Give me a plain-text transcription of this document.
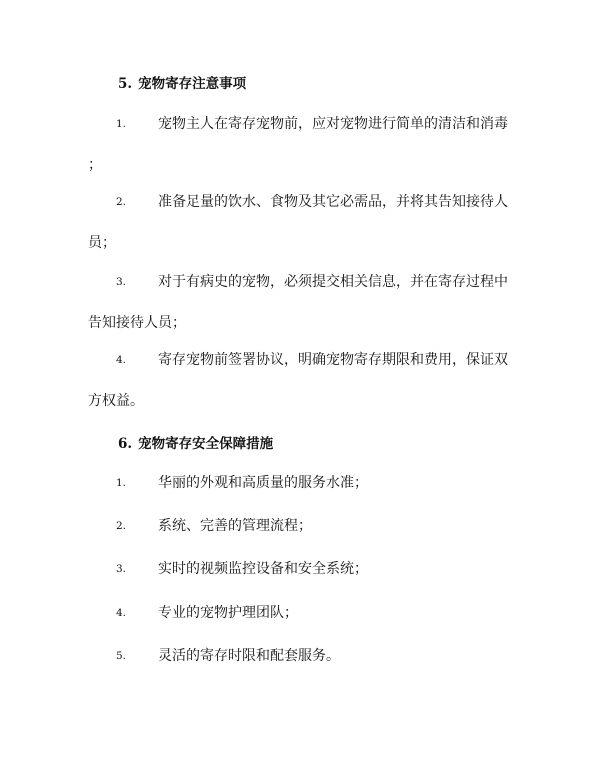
5. 宠物寄存注意事项
1.	宠物主人在寄存宠物前，应对宠物进行简单的清洁和消毒
；
2.	准备足量的饮水、食物及其它必需品，并将其告知接待人
员；
3.	对于有病史的宠物，必须提交相关信息，并在寄存过程中
告知接待人员；
4.	寄存宠物前签署协议，明确宠物寄存期限和费用，保证双
方权益。
6. 宠物寄存安全保障措施
1.	华丽的外观和高质量的服务水准；
2.	系统、完善的管理流程；
3.	实时的视频监控设备和安全系统；
4.	专业的宠物护理团队；
5.	灵活的寄存时限和配套服务。
